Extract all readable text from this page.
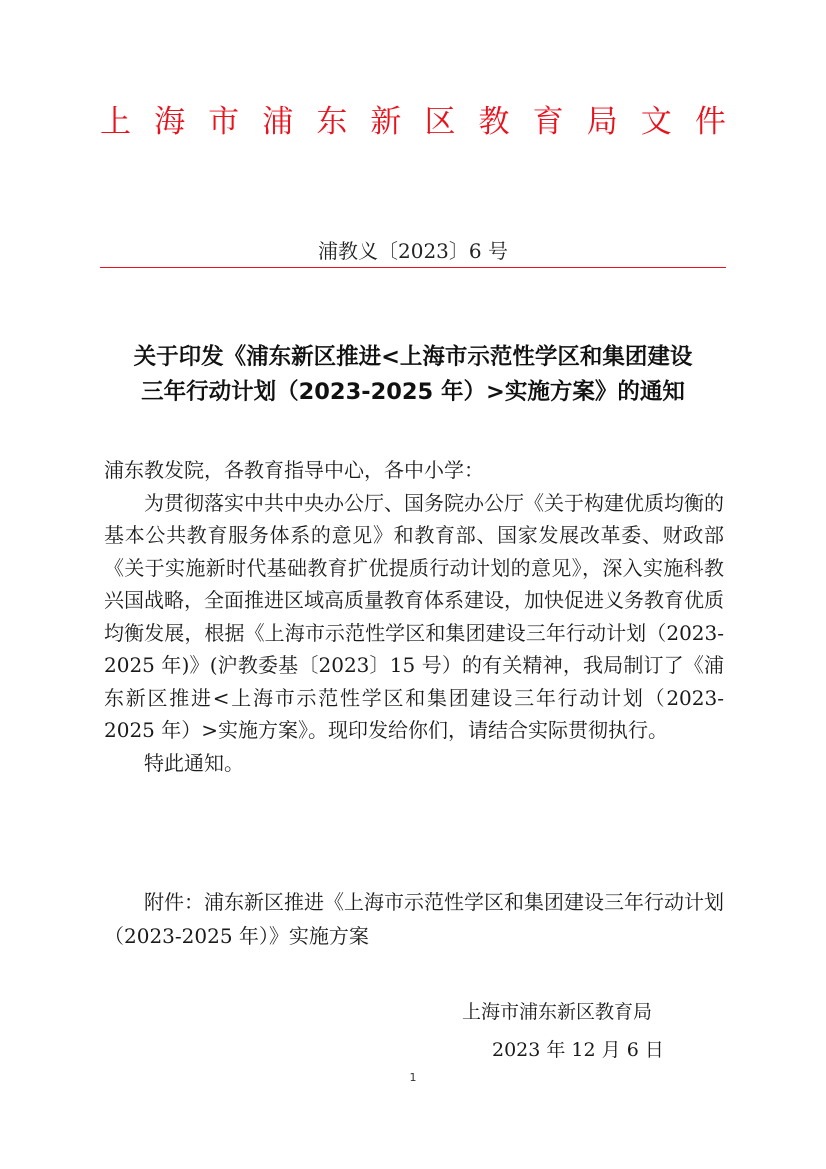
上 海 市 浦 东 新 区 教 育 局 文 件
浦教义〔2023〕6 号
关于印发《浦东新区推进<上海市示范性学区和集团建设
三年行动计划（2023-2025 年）>实施方案》的通知

浦东教发院，各教育指导中心，各中小学：

为贯彻落实中共中央办公厅、国务院办公厅《关于构建优质均衡的基本公共教育服务体系的意见》和教育部、国家发展改革委、财政部《关于实施新时代基础教育扩优提质行动计划的意见》，深入实施科教兴国战略，全面推进区域高质量教育体系建设，加快促进义务教育优质均衡发展，根据《上海市示范性学区和集团建设三年行动计划（2023-2025 年)》(沪教委基〔2023〕15 号）的有关精神，我局制订了《浦东新区推进<上海市示范性学区和集团建设三年行动计划（2023-2025 年）>实施方案》。现印发给你们，请结合实际贯彻执行。

特此通知。

附件：浦东新区推进《上海市示范性学区和集团建设三年行动计划（2023-2025 年）》实施方案

上海市浦东新区教育局
2023 年 12 月 6 日
1
